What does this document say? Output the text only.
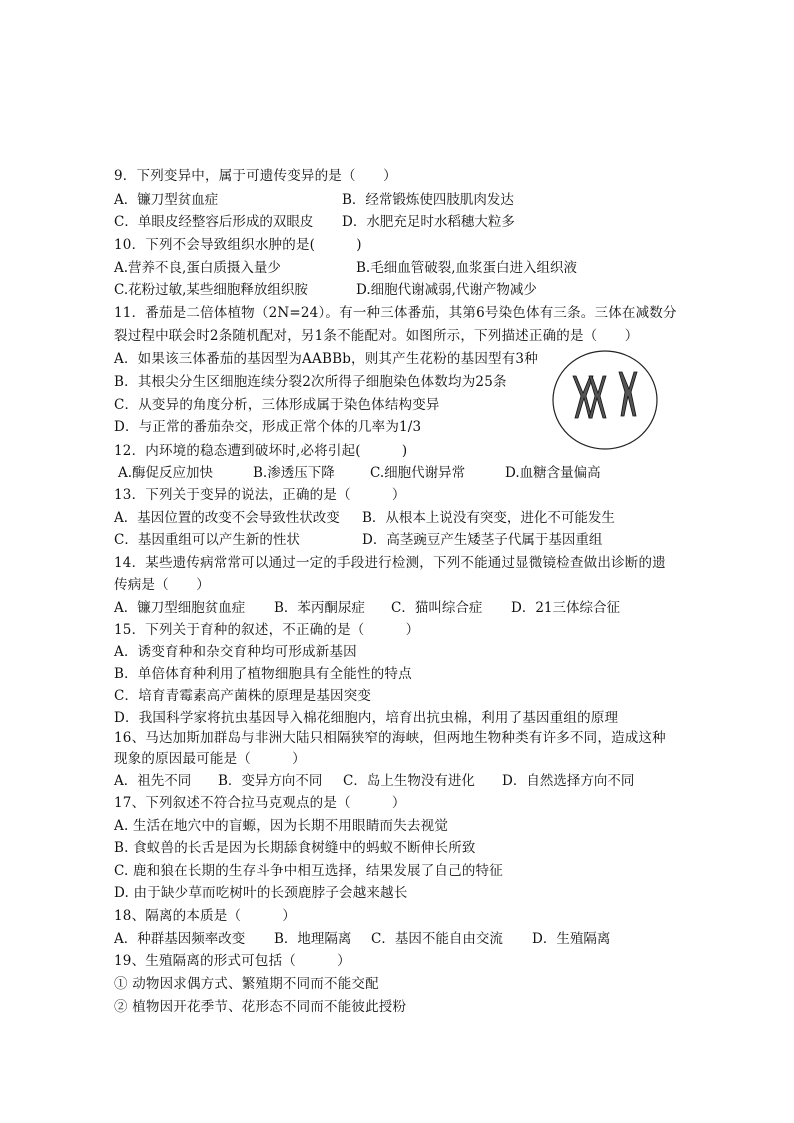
9．下列变异中，属于可遗传变异的是（　　）
A．镰刀型贫血症	B．经常锻炼使四肢肌肉发达
C．单眼皮经整容后形成的双眼皮 D．水肥充足时水稻穗大粒多
10．下列不会导致组织水肿的是(　　　)
A.营养不良,蛋白质摄入量少	B.毛细血管破裂,血浆蛋白进入组织液
C.花粉过敏,某些细胞释放组织胺	D.细胞代谢减弱,代谢产物减少
11．番茄是二倍体植物（2N=24）。有一种三体番茄，其第6号染色体有三条。三体在减数分
裂过程中联会时2条随机配对，另1条不能配对。如图所示，下列描述正确的是（　　）
A．如果该三体番茄的基因型为AABBb，则其产生花粉的基因型有3种
B．其根尖分生区细胞连续分裂2次所得子细胞染色体数均为25条
C．从变异的角度分析，三体形成属于染色体结构变异
D．与正常的番茄杂交，形成正常个体的几率为1/3
12．内环境的稳态遭到破坏时,必将引起(　　　)
A.酶促反应加快	B.渗透压下降	C.细胞代谢异常	D.血糖含量偏高
13．下列关于变异的说法，正确的是（　　　）
A．基因位置的改变不会导致性状改变 B．从根本上说没有突变，进化不可能发生
C．基因重组可以产生新的性状	D．高茎豌豆产生矮茎子代属于基因重组
14．某些遗传病常常可以通过一定的手段进行检测，下列不能通过显微镜检查做出诊断的遗
传病是（　　）
A．镰刀型细胞贫血症 B．苯丙酮尿症 C．猫叫综合症 D．21三体综合征
15．下列关于育种的叙述，不正确的是（　　　）
A．诱变育种和杂交育种均可形成新基因
B．单倍体育种利用了植物细胞具有全能性的特点
C．培育青霉素高产菌株的原理是基因突变
D．我国科学家将抗虫基因导入棉花细胞内，培育出抗虫棉，利用了基因重组的原理
16、马达加斯加群岛与非洲大陆只相隔狭窄的海峡，但两地生物种类有许多不同，造成这种
现象的原因最可能是（　　　）
A．祖先不同 B．变异方向不同 C．岛上生物没有进化 D．自然选择方向不同
17、下列叙述不符合拉马克观点的是（　　　）
A. 生活在地穴中的盲螈，因为长期不用眼睛而失去视觉
B. 食蚁兽的长舌是因为长期舔食树缝中的蚂蚁不断伸长所致
C. 鹿和狼在长期的生存斗争中相互选择，结果发展了自己的特征
D. 由于缺少草而吃树叶的长颈鹿脖子会越来越长
18、隔离的本质是（　　　）
A．种群基因频率改变 B．地理隔离 C．基因不能自由交流 D．生殖隔离
19、生殖隔离的形式可包括（　　　）
① 动物因求偶方式、繁殖期不同而不能交配
② 植物因开花季节、花形态不同而不能彼此授粉
